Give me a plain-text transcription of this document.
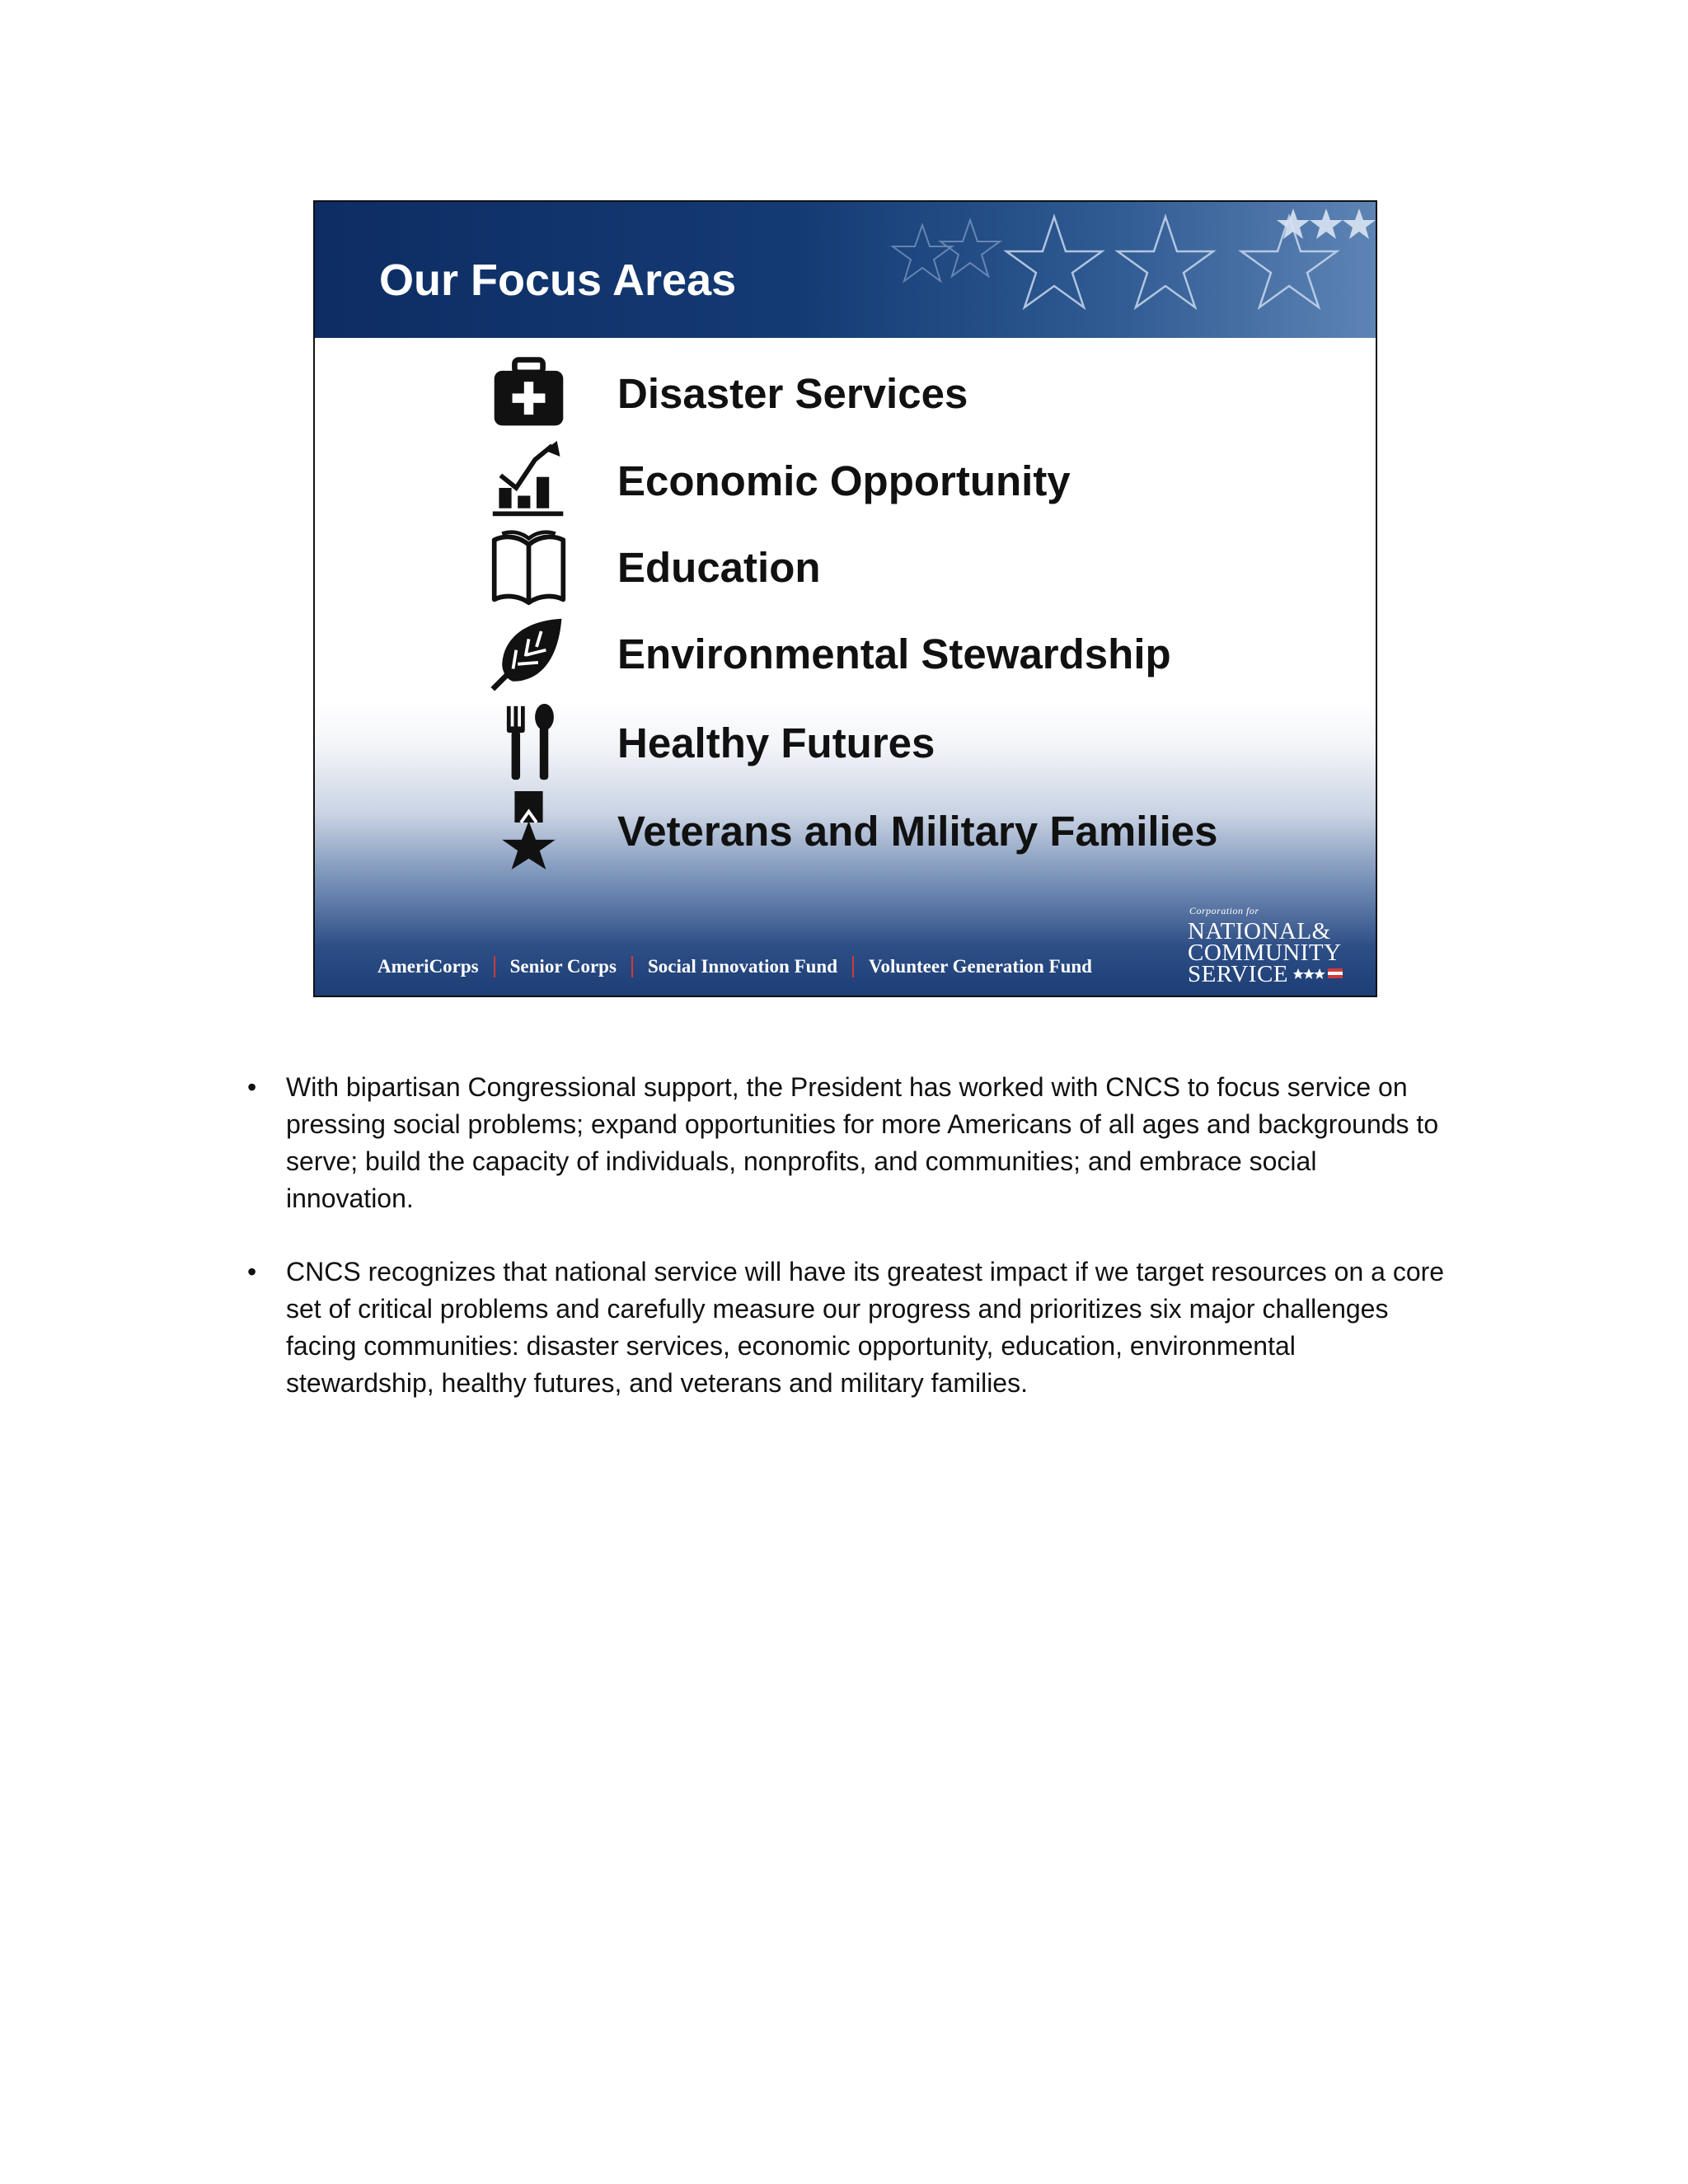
Our Focus Areas
Disaster Services
Economic Opportunity
Education
Environmental Stewardship
Healthy Futures
Veterans and Military Families
Corporation for
NATIONAL&
COMMUNITY
SERVICE
AmeriCorps Senior Corps Social Innovation Fund Volunteer Generation Fund
• With bipartisan Congressional support, the President has worked with CNCS to focus service on pressing social problems; expand opportunities for more Americans of all ages and backgrounds to serve; build the capacity of individuals, nonprofits, and communities; and embrace social innovation.
• CNCS recognizes that national service will have its greatest impact if we target resources on a core set of critical problems and carefully measure our progress and prioritizes six major challenges facing communities: disaster services, economic opportunity, education, environmental stewardship, healthy futures, and veterans and military families.
